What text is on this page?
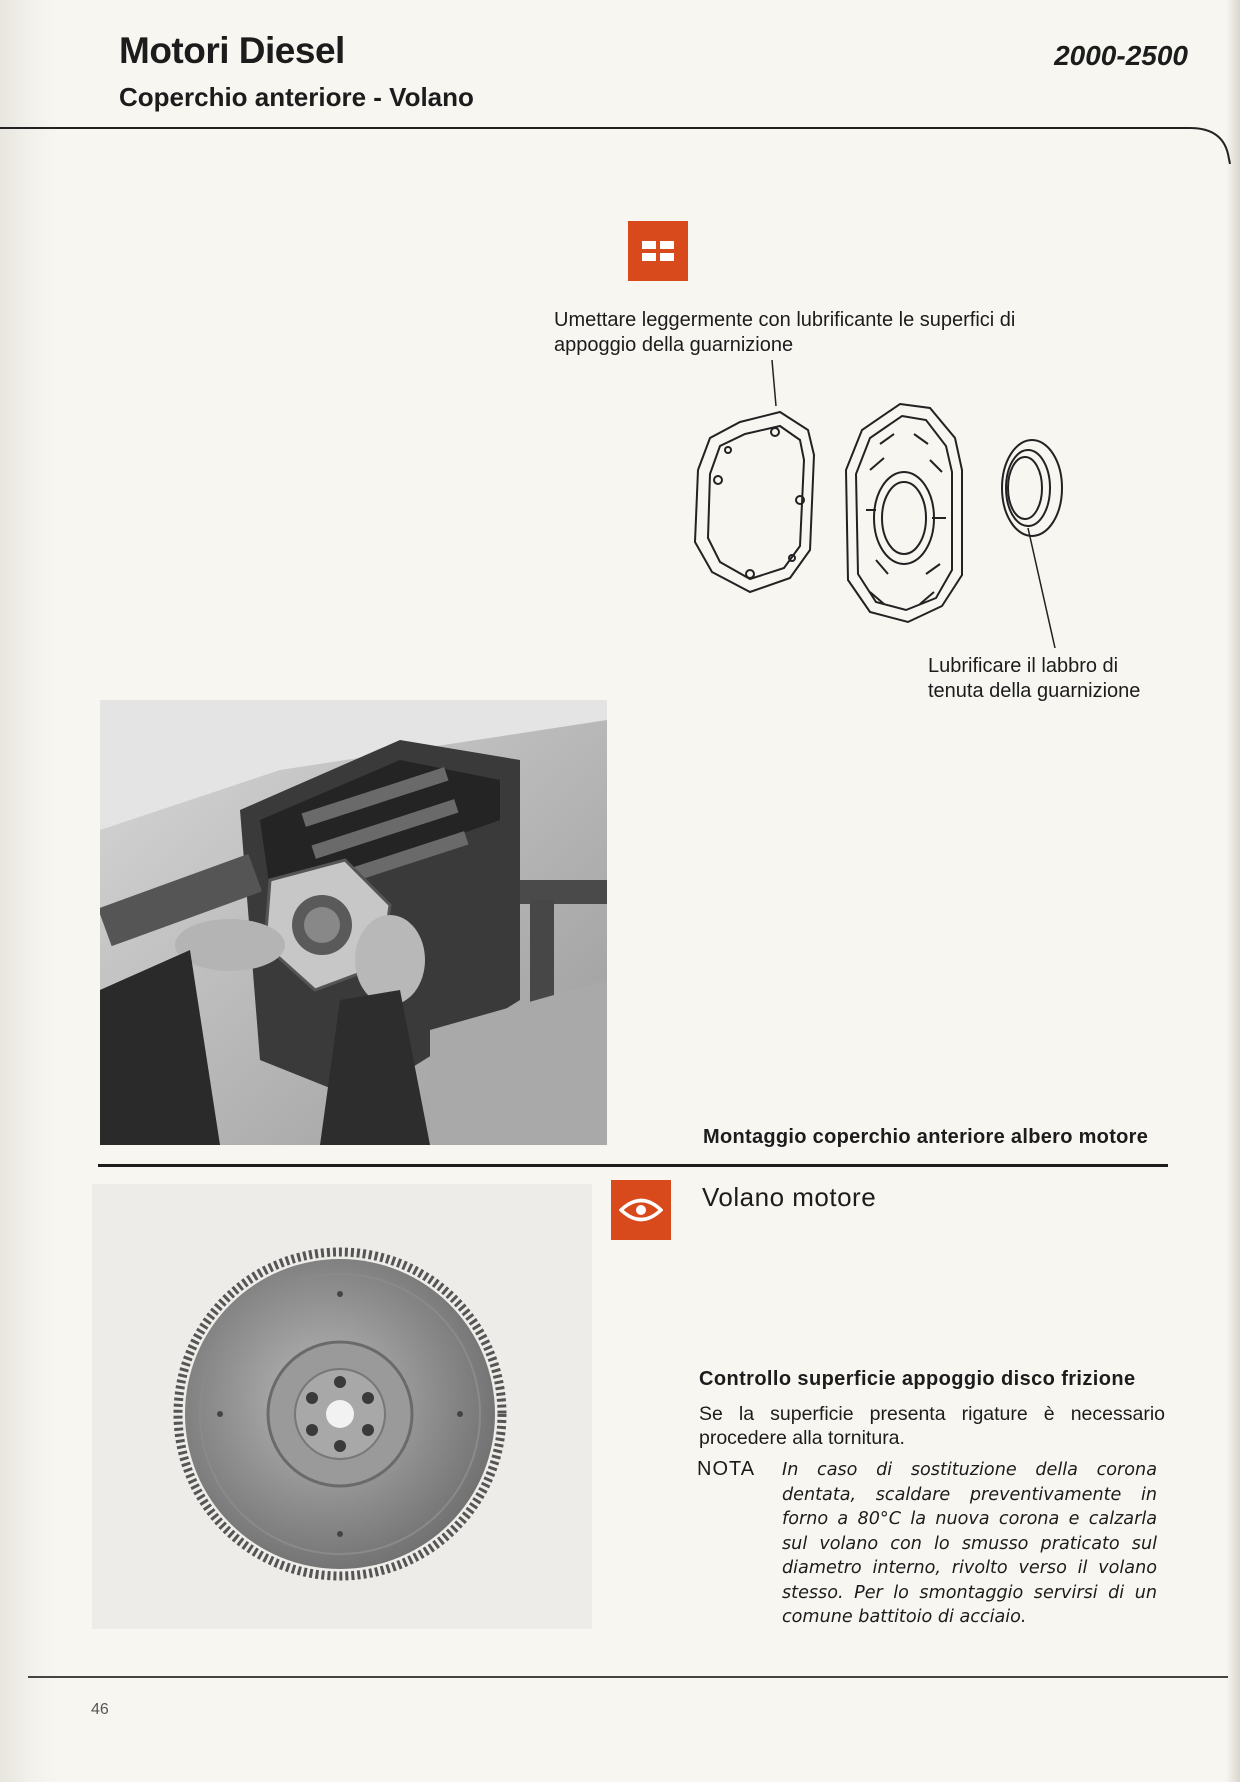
Motori Diesel
Coperchio anteriore - Volano
2000-2500
Umettare leggermente con lubrificante le superfici di appoggio della guarnizione
Lubrificare il labbro di tenuta della guarnizione
Montaggio coperchio anteriore albero motore
Volano motore
Controllo superficie appoggio disco frizione
Se la superficie presenta rigature è necessario procedere alla tornitura.
NOTA In caso di sostituzione della corona dentata, scaldare preventivamente in forno a 80°C la nuova corona e calzarla sul volano con lo smusso praticato sul diametro interno, rivolto verso il volano stesso. Per lo smontaggio servirsi di un comune battitoio di acciaio.
46
